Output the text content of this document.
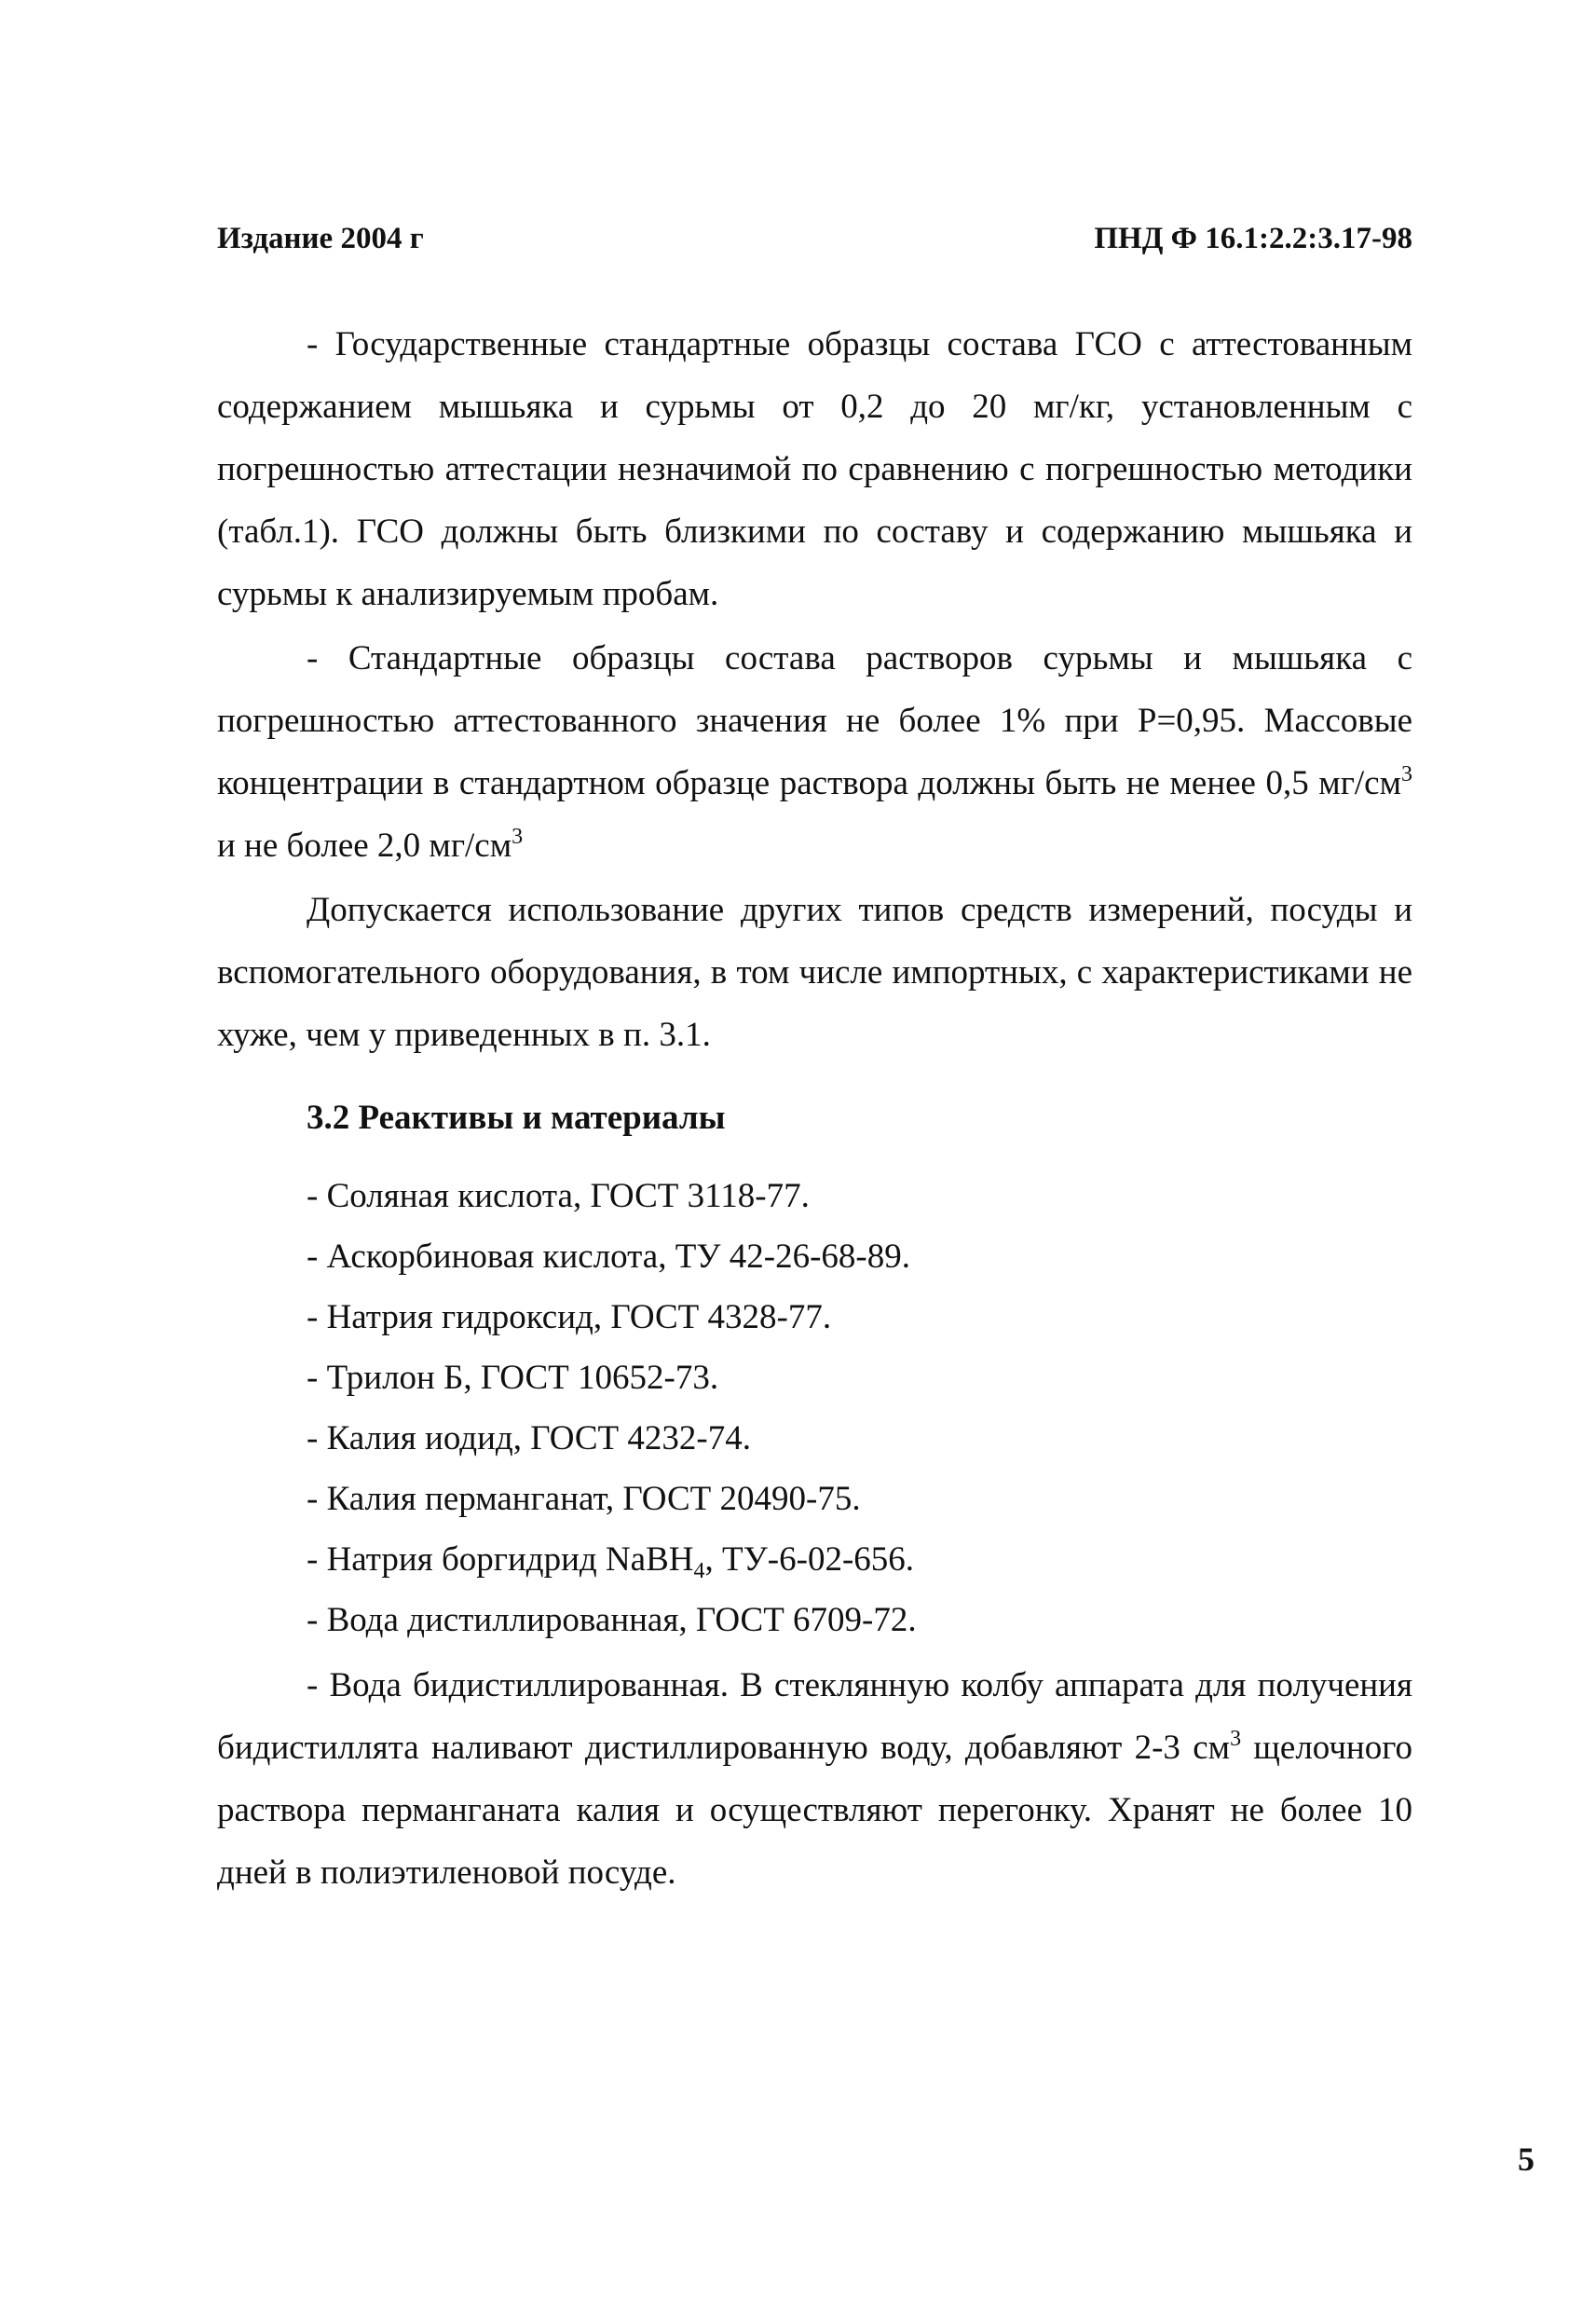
Издание 2004 г	ПНД Ф 16.1:2.2:3.17-98

- Государственные стандартные образцы состава ГСО с аттестованным содержанием мышьяка и сурьмы от 0,2 до 20 мг/кг, установленным с погрешностью аттестации незначимой по сравнению с погрешностью методики (табл.1). ГСО должны быть близкими по составу и содержанию мышьяка и сурьмы к анализируемым пробам.

- Стандартные образцы состава растворов сурьмы и мышьяка с погрешностью аттестованного значения не более 1% при Р=0,95. Массовые концентрации в стандартном образце раствора должны быть не менее 0,5 $мг/см^3$ и не более 2,0 $мг/см^3$

Допускается использование других типов средств измерений, посуды и вспомогательного оборудования, в том числе импортных, с характеристиками не хуже, чем у приведенных в п. 3.1.

3.2 Реактивы и материалы
- Соляная кислота, ГОСТ 3118-77.
- Аскорбиновая кислота, ТУ 42-26-68-89.
- Натрия гидроксид, ГОСТ 4328-77.
- Трилон Б, ГОСТ 10652-73.
- Калия иодид, ГОСТ 4232-74.
- Калия перманганат, ГОСТ 20490-75.
- Натрия боргидрид NaBH$_4$, ТУ-6-02-656.
- Вода дистиллированная, ГОСТ 6709-72.

- Вода бидистиллированная. В стеклянную колбу аппарата для получения бидистиллята наливают дистиллированную воду, добавляют 2-3 $см^3$ щелочного раствора перманганата калия и осуществляют перегонку. Хранят не более 10 дней в полиэтиленовой посуде.

5
